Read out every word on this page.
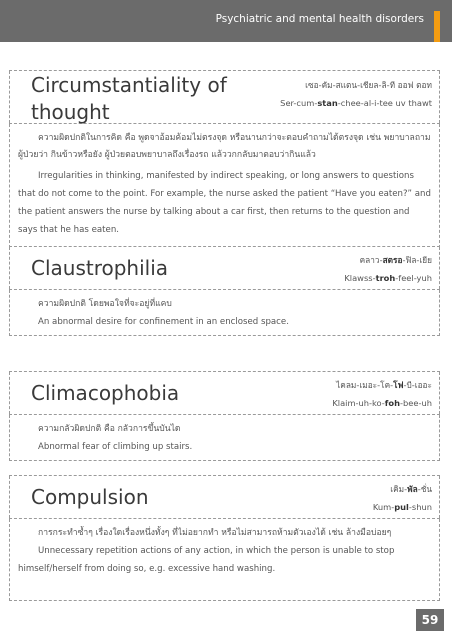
Psychiatric and mental health disorders
Circumstantiality of thought
เซอ-คัม-สแตน-เชียล-ลิ-ที ออฟ ตอท
Ser-cum-stan-chee-al-i-tee uv thawt

ความผิดปกติในการคิด คือ พูดจาอ้อมค้อมไม่ตรงจุด หรือนานกว่าจะตอบคำถามได้ตรงจุด เช่น พยาบาลถามผู้ป่วยว่า กินข้าวหรือยัง ผู้ป่วยตอบพยาบาลถึงเรื่องรถ แล้ววกกลับมาตอบว่ากินแล้ว

Irregularities in thinking, manifested by indirect speaking, or long answers to questions that do not come to the point. For example, the nurse asked the patient “Have you eaten?” and the patient answers the nurse by talking about a car first, then returns to the question and says that he has eaten.

Claustrophilia	คลาว-สตรอ-ฟิล-เยีย
Klawss-troh-feel-yuh

ความผิดปกติ โดยพอใจที่จะอยู่ที่แคบ

An abnormal desire for confinement in an enclosed space.

Climacophobia	ไคลม-เมอะ-โค-โฟ-บี-เออะ
Klaim-uh-ko-foh-bee-uh

ความกลัวผิดปกติ คือ กลัวการขึ้นบันได

Abnormal fear of climbing up stairs.

Compulsion	เคิม-พัล-ชั่น
Kum-pul-shun

การกระทำซ้ำๆ เรื่องใดเรื่องหนึ่งทั้งๆ ที่ไม่อยากทำ หรือไม่สามารถห้ามตัวเองได้ เช่น ล้างมือบ่อยๆ

Unnecessary repetition actions of any action, in which the person is unable to stop himself/herself from doing so, e.g. excessive hand washing.

59
